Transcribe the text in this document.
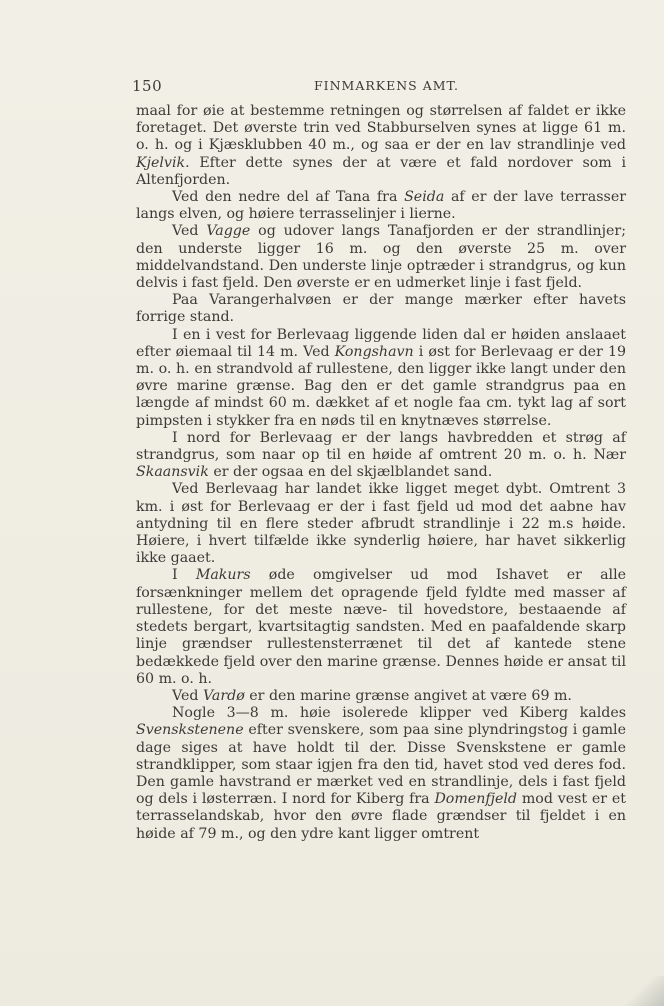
150	FINMARKENS AMT.

maal for øie at bestemme retningen og størrelsen af faldet er ikke foretaget. Det øverste trin ved Stabburselven synes at ligge 61 m. o. h. og i Kjæsklubben 40 m., og saa er der en lav strandlinje ved Kjelvik. Efter dette synes der at være et fald nordover som i Altenfjorden.

Ved den nedre del af Tana fra Seida af er der lave terrasser langs elven, og høiere terrasselinjer i lierne.

Ved Vagge og udover langs Tanafjorden er der strandlinjer; den underste ligger 16 m. og den øverste 25 m. over middelvandstand. Den underste linje optræder i strandgrus, og kun delvis i fast fjeld. Den øverste er en udmerket linje i fast fjeld.

Paa Varangerhalvøen er der mange mærker efter havets forrige stand.

I en i vest for Berlevaag liggende liden dal er høiden anslaaet efter øiemaal til 14 m. Ved Kongshavn i øst for Berlevaag er der 19 m. o. h. en strandvold af rullestene, den ligger ikke langt under den øvre marine grænse. Bag den er det gamle strandgrus paa en længde af mindst 60 m. dækket af et nogle faa cm. tykt lag af sort pimpsten i stykker fra en nøds til en knytnæves størrelse.

I nord for Berlevaag er der langs havbredden et strøg af strandgrus, som naar op til en høide af omtrent 20 m. o. h. Nær Skaansvik er der ogsaa en del skjælblandet sand.

Ved Berlevaag har landet ikke ligget meget dybt. Omtrent 3 km. i øst for Berlevaag er der i fast fjeld ud mod det aabne hav antydning til en flere steder afbrudt strandlinje i 22 m.s høide. Høiere, i hvert tilfælde ikke synderlig høiere, har havet sikkerlig ikke gaaet.

I Makurs øde omgivelser ud mod Ishavet er alle forsænkninger mellem det opragende fjeld fyldte med masser af rullestene, for det meste næve- til hovedstore, bestaaende af stedets bergart, kvartsitagtig sandsten. Med en paafaldende skarp linje grændser rullestensterrænet til det af kantede stene bedækkede fjeld over den marine grænse. Dennes høide er ansat til 60 m. o. h.

Ved Vardø er den marine grænse angivet at være 69 m.

Nogle 3—8 m. høie isolerede klipper ved Kiberg kaldes Svenskstenene efter svenskere, som paa sine plyndringstog i gamle dage siges at have holdt til der. Disse Svenskstene er gamle strandklipper, som staar igjen fra den tid, havet stod ved deres fod. Den gamle havstrand er mærket ved en strandlinje, dels i fast fjeld og dels i løsterræn. I nord for Kiberg fra Domenfjeld mod vest er et terrasselandskab, hvor den øvre flade grændser til fjeldet i en høide af 79 m., og den ydre kant ligger omtrent
